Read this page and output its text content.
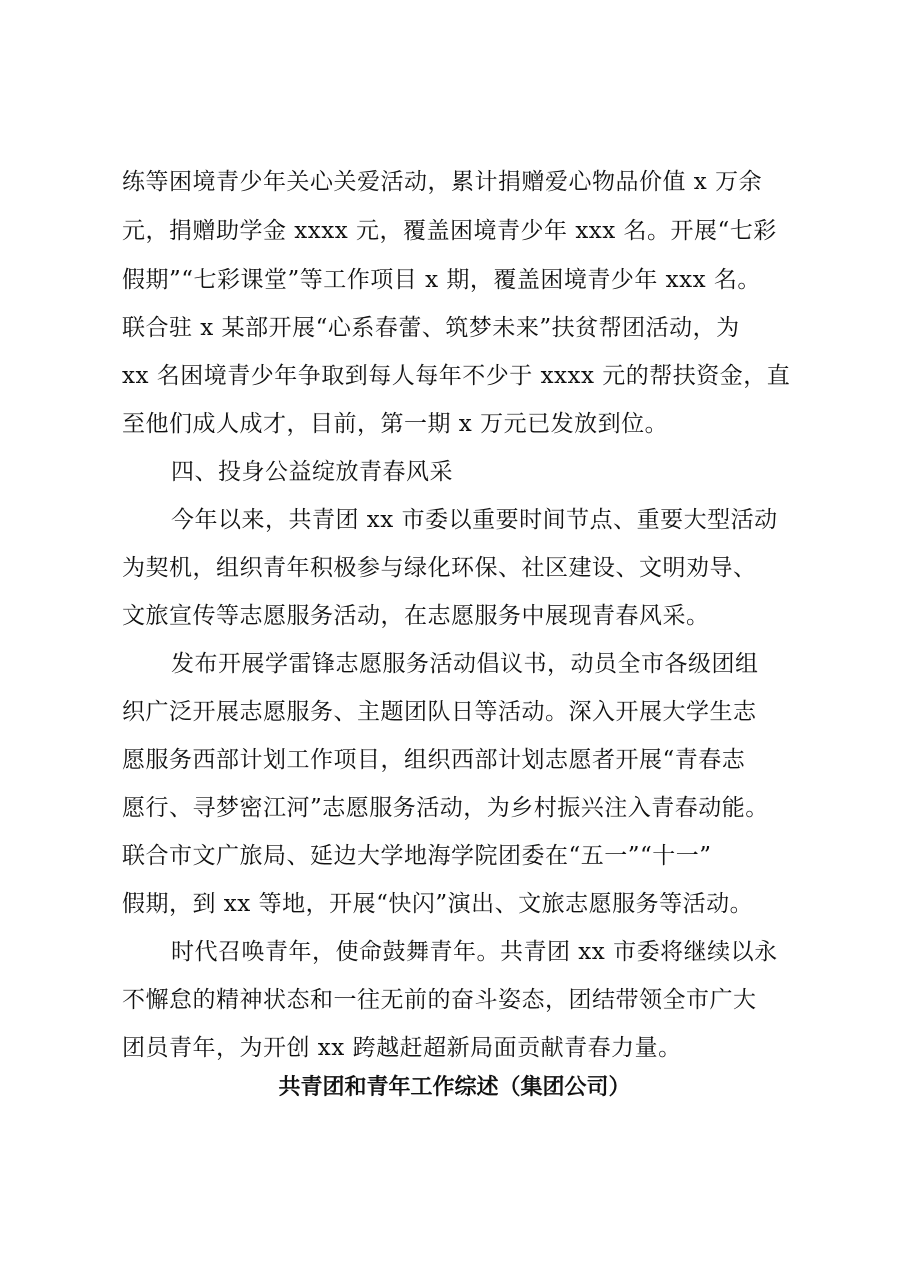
练等困境青少年关心关爱活动，累计捐赠爱心物品价值 x 万余
元，捐赠助学金 xxxx 元，覆盖困境青少年 xxx 名。开展“七彩
假期”“七彩课堂”等工作项目 x 期，覆盖困境青少年 xxx 名。
联合驻 x 某部开展“心系春蕾、筑梦未来”扶贫帮团活动，为
xx 名困境青少年争取到每人每年不少于 xxxx 元的帮扶资金，直
至他们成人成才，目前，第一期 x 万元已发放到位。
四、投身公益绽放青春风采
今年以来，共青团 xx 市委以重要时间节点、重要大型活动
为契机，组织青年积极参与绿化环保、社区建设、文明劝导、
文旅宣传等志愿服务活动，在志愿服务中展现青春风采。
发布开展学雷锋志愿服务活动倡议书，动员全市各级团组
织广泛开展志愿服务、主题团队日等活动。深入开展大学生志
愿服务西部计划工作项目，组织西部计划志愿者开展“青春志
愿行、寻梦密江河”志愿服务活动，为乡村振兴注入青春动能。
联合市文广旅局、延边大学地海学院团委在“五一”“十一”
假期，到 xx 等地，开展“快闪”演出、文旅志愿服务等活动。
时代召唤青年，使命鼓舞青年。共青团 xx 市委将继续以永
不懈怠的精神状态和一往无前的奋斗姿态，团结带领全市广大
团员青年，为开创 xx 跨越赶超新局面贡献青春力量。
共青团和青年工作综述（集团公司）
